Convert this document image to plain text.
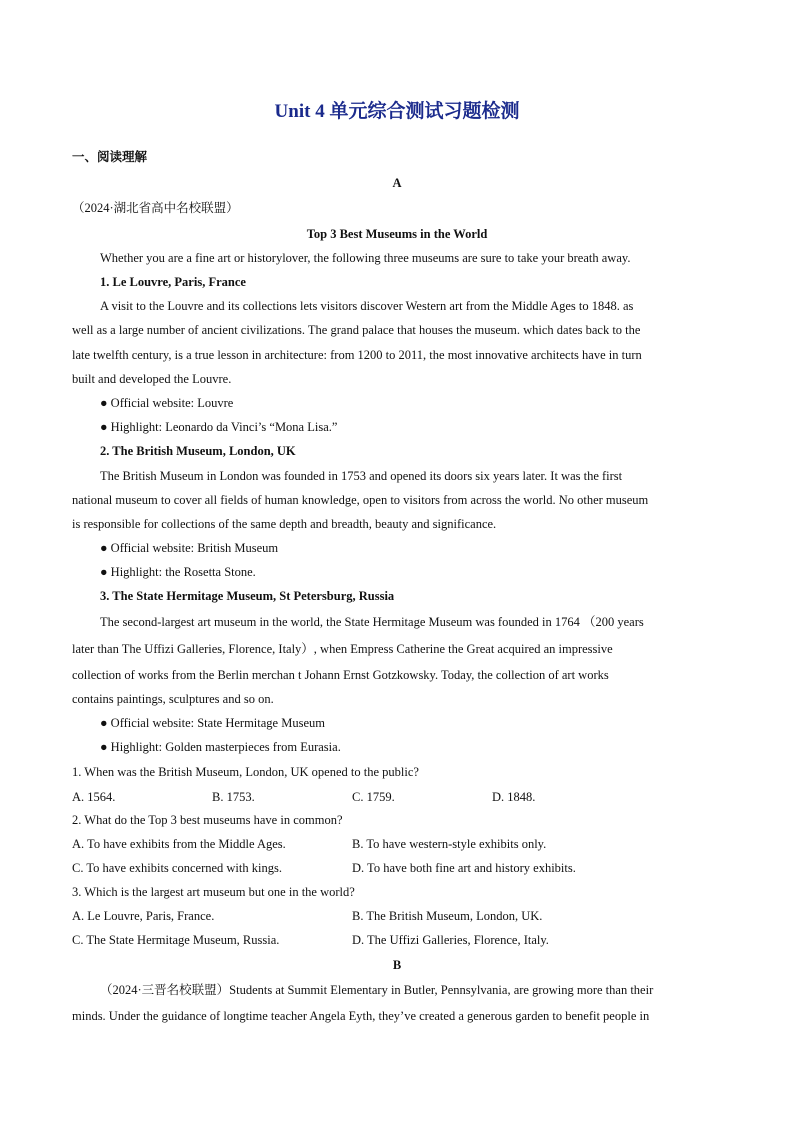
Unit 4 单元综合测试习题检测
一、阅读理解
A
（2024·湖北省高中名校联盟）
Top 3 Best Museums in the World
Whether you are a fine art or historylover, the following three museums are sure to take your breath away.
1. Le Louvre, Paris, France
A visit to the Louvre and its collections lets visitors discover Western art from the Middle Ages to 1848. as
well as a large number of ancient civilizations. The grand palace that houses the museum. which dates back to the
late twelfth century, is a true lesson in architecture: from 1200 to 2011, the most innovative architects have in turn
built and developed the Louvre.
● Official website: Louvre
● Highlight: Leonardo da Vinci’s “Mona Lisa.”
2. The British Museum, London, UK
The British Museum in London was founded in 1753 and opened its doors six years later. It was the first
national museum to cover all fields of human knowledge, open to visitors from across the world. No other museum
is responsible for collections of the same depth and breadth, beauty and significance.
● Official website: British Museum
● Highlight: the Rosetta Stone.
3. The State Hermitage Museum, St Petersburg, Russia
The second-largest art museum in the world, the State Hermitage Museum was founded in 1764 （200 years
later than The Uffizi Galleries, Florence, Italy）, when Empress Catherine the Great acquired an impressive
collection of works from the Berlin merchan t Johann Ernst Gotzkowsky. Today, the collection of art works
contains paintings, sculptures and so on.
● Official website: State Hermitage Museum
● Highlight: Golden masterpieces from Eurasia.
1. When was the British Museum, London, UK opened to the public?
A. 1564.	B. 1753.	C. 1759.	D. 1848.
2. What do the Top 3 best museums have in common?
A. To have exhibits from the Middle Ages.	B. To have western-style exhibits only.
C. To have exhibits concerned with kings.	D. To have both fine art and history exhibits.
3. Which is the largest art museum but one in the world?
A. Le Louvre, Paris, France.	B. The British Museum, London, UK.
C. The State Hermitage Museum, Russia.	D. The Uffizi Galleries, Florence, Italy.
B
（2024·三晋名校联盟）Students at Summit Elementary in Butler, Pennsylvania, are growing more than their
minds. Under the guidance of longtime teacher Angela Eyth, they’ve created a generous garden to benefit people in
